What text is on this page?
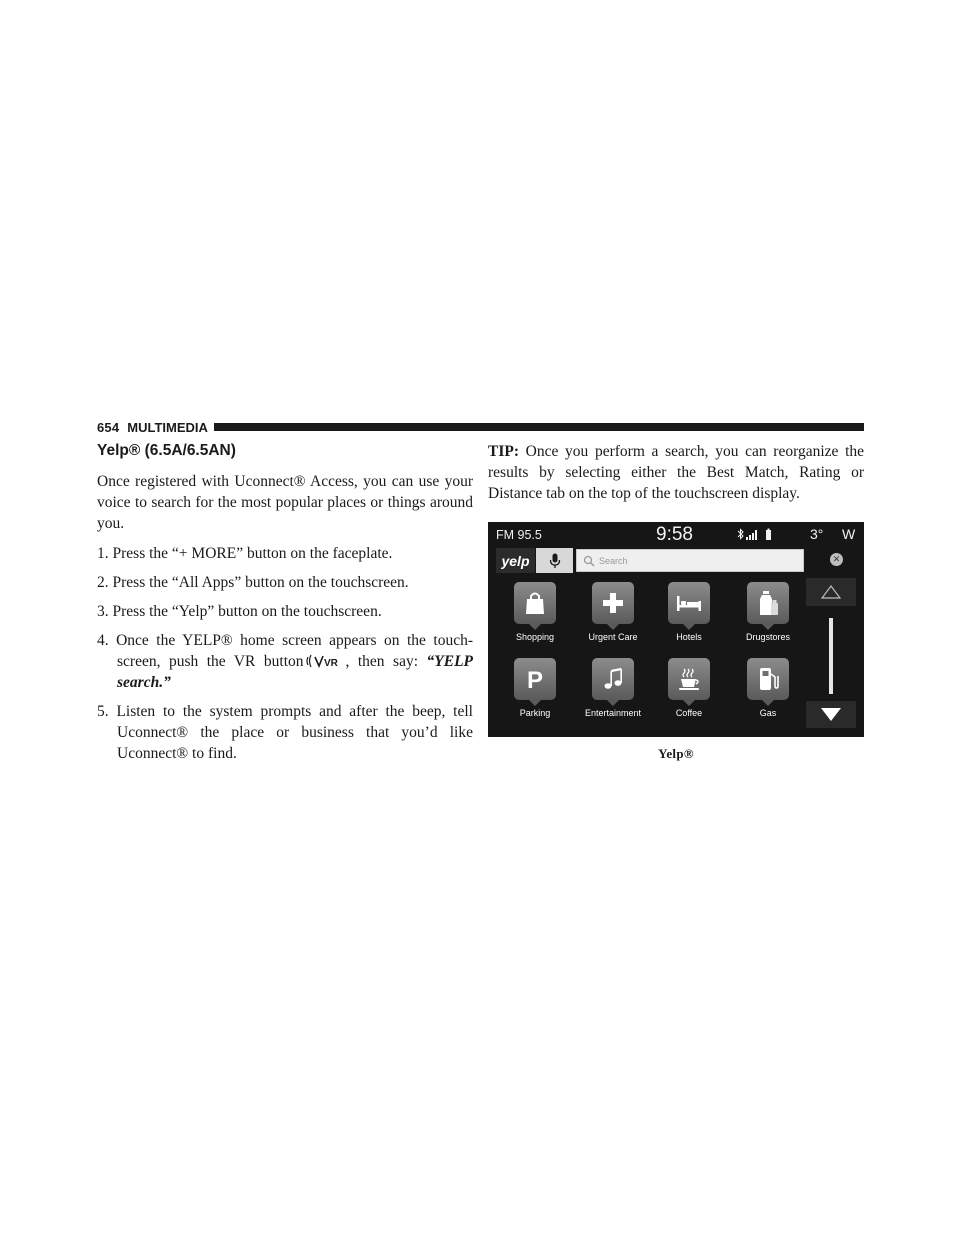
654 MULTIMEDIA
Yelp® (6.5A/6.5AN)

Once registered with Uconnect® Access, you can use your voice to search for the most popular places or things around you.

1. Press the “+ MORE” button on the faceplate.
2. Press the “All Apps” button on the touchscreen.
3. Press the “Yelp” button on the touchscreen.
4. Once the YELP® home screen appears on the touch-screen, push the VR button VR , then say: “YELP search.”
5. Listen to the system prompts and after the beep, tell Uconnect® the place or business that you’d like Uconnect® to find.

TIP: Once you perform a search, you can reorganize the results by selecting either the Best Match, Rating or Distance tab on the top of the touchscreen display.

FM 95.5	9:58	3° W
yelp	Search	✕
Shopping	Urgent Care	Hotels	Drugstores
P
Parking	Entertainment	Coffee	Gas
Yelp®
